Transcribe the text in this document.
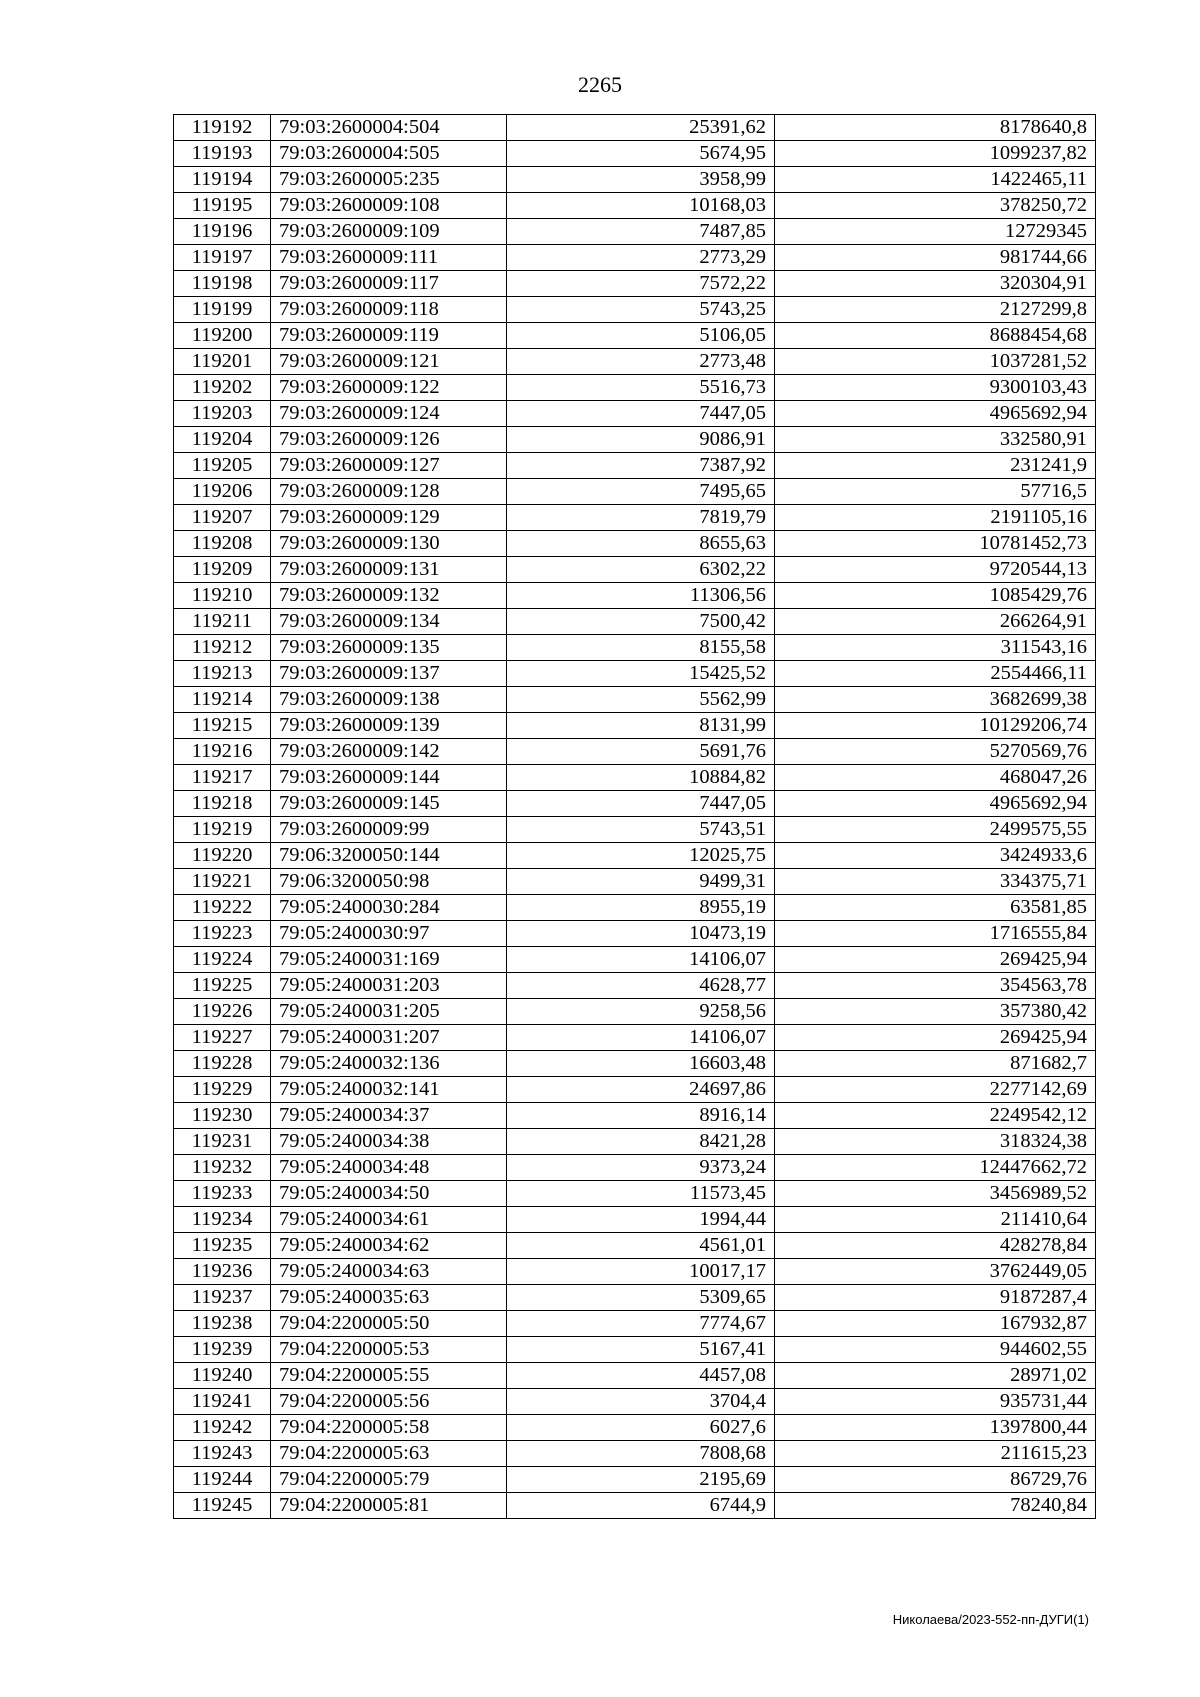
2265
119192	79:03:2600004:504	25391,62	8178640,8
119193	79:03:2600004:505	5674,95	1099237,82
119194	79:03:2600005:235	3958,99	1422465,11
119195	79:03:2600009:108	10168,03	378250,72
119196	79:03:2600009:109	7487,85	12729345
119197	79:03:2600009:111	2773,29	981744,66
119198	79:03:2600009:117	7572,22	320304,91
119199	79:03:2600009:118	5743,25	2127299,8
119200	79:03:2600009:119	5106,05	8688454,68
119201	79:03:2600009:121	2773,48	1037281,52
119202	79:03:2600009:122	5516,73	9300103,43
119203	79:03:2600009:124	7447,05	4965692,94
119204	79:03:2600009:126	9086,91	332580,91
119205	79:03:2600009:127	7387,92	231241,9
119206	79:03:2600009:128	7495,65	57716,5
119207	79:03:2600009:129	7819,79	2191105,16
119208	79:03:2600009:130	8655,63	10781452,73
119209	79:03:2600009:131	6302,22	9720544,13
119210	79:03:2600009:132	11306,56	1085429,76
119211	79:03:2600009:134	7500,42	266264,91
119212	79:03:2600009:135	8155,58	311543,16
119213	79:03:2600009:137	15425,52	2554466,11
119214	79:03:2600009:138	5562,99	3682699,38
119215	79:03:2600009:139	8131,99	10129206,74
119216	79:03:2600009:142	5691,76	5270569,76
119217	79:03:2600009:144	10884,82	468047,26
119218	79:03:2600009:145	7447,05	4965692,94
119219	79:03:2600009:99	5743,51	2499575,55
119220	79:06:3200050:144	12025,75	3424933,6
119221	79:06:3200050:98	9499,31	334375,71
119222	79:05:2400030:284	8955,19	63581,85
119223	79:05:2400030:97	10473,19	1716555,84
119224	79:05:2400031:169	14106,07	269425,94
119225	79:05:2400031:203	4628,77	354563,78
119226	79:05:2400031:205	9258,56	357380,42
119227	79:05:2400031:207	14106,07	269425,94
119228	79:05:2400032:136	16603,48	871682,7
119229	79:05:2400032:141	24697,86	2277142,69
119230	79:05:2400034:37	8916,14	2249542,12
119231	79:05:2400034:38	8421,28	318324,38
119232	79:05:2400034:48	9373,24	12447662,72
119233	79:05:2400034:50	11573,45	3456989,52
119234	79:05:2400034:61	1994,44	211410,64
119235	79:05:2400034:62	4561,01	428278,84
119236	79:05:2400034:63	10017,17	3762449,05
119237	79:05:2400035:63	5309,65	9187287,4
119238	79:04:2200005:50	7774,67	167932,87
119239	79:04:2200005:53	5167,41	944602,55
119240	79:04:2200005:55	4457,08	28971,02
119241	79:04:2200005:56	3704,4	935731,44
119242	79:04:2200005:58	6027,6	1397800,44
119243	79:04:2200005:63	7808,68	211615,23
119244	79:04:2200005:79	2195,69	86729,76
119245	79:04:2200005:81	6744,9	78240,84
Николаева/2023-552-пп-ДУГИ(1)
